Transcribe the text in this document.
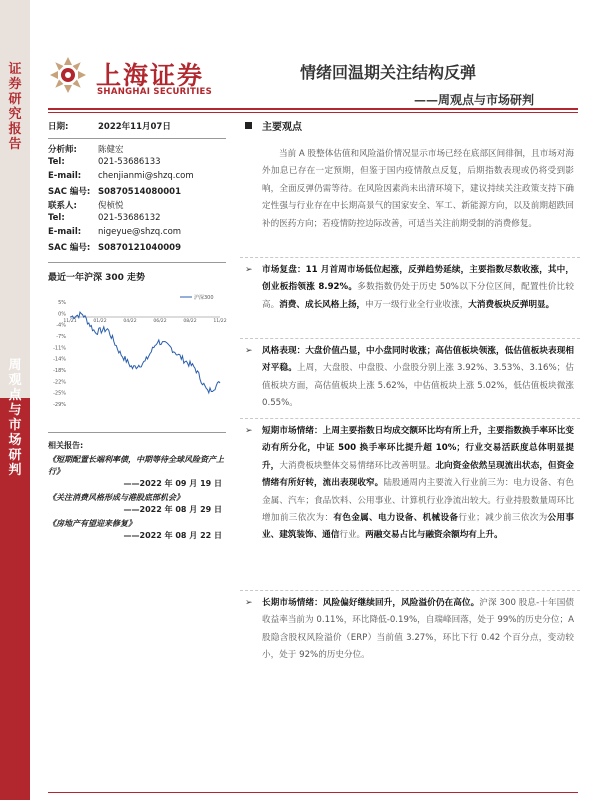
证券研究报告
周观点与市场研判
上海证券
SHANGHAI SECURITIES
情绪回温期关注结构反弹
——周观点与市场研判
日期:	2022年11月07日
分析师: 陈健宏
Tel:	021-53686133
E-mail: chenjianmi@shzq.com
SAC 编号: S0870514080001
联系人: 倪桢悦
Tel:	021-53686132
E-mail: nigeyue@shzq.com
SAC 编号: S0870121040009
最近一年沪深 300 走势
5%
0%
-4%
-7%
-11%
-14%
-18%
-22%
-25%
-29%
11/21	01/22	04/22	06/22	08/22	11/22
沪深300
相关报告:
《短期配置长端利率债，中期等待全球风险资产上行》
——2022 年 09 月 19 日
《关注消费风格形成与港股底部机会》
——2022 年 08 月 29 日
《房地产有望迎来修复》
——2022 年 08 月 22 日
主要观点
当前 A 股整体估值和风险溢价情况显示市场已经在底部区间徘徊，且市场对海外加息已存在一定预期，但鉴于国内疫情散点反复，后期指数表现或仍将受到影响，全面反弹仍需等待。在风险因素尚未出清环境下，建议持续关注政策支持下确定性强与行业存在中长期高景气的国家安全、军工、新能源方向，以及前期超跌回补的医药方向；若疫情防控边际改善，可适当关注前期受制的消费修复。
➢ 市场复盘：11 月首周市场低位起涨，反弹趋势延续，主要指数尽数收涨，其中，创业板指领涨 8.92%。多数指数仍处于历史 50%以下分位区间，配置性价比较高。消费、成长风格上扬，申万一级行业全行业收涨，大消费板块反弹明显。
➢ 风格表现：大盘价值凸显，中小盘同时收涨；高估值板块领涨，低估值板块表现相对平稳。上周，大盘股、中盘股、小盘股分别上涨 3.92%、3.53%、3.16%；估值板块方面，高估值板块上涨 5.62%，中估值板块上涨 5.02%，低估值板块微涨 0.55%。
➢ 短期市场情绪：上周主要指数日均成交额环比均有所上升，主要指数换手率环比变动有所分化，中证 500 换手率环比提升超 10%；行业交易活跃度总体明显提升，大消费板块整体交易情绪环比改善明显。北向资金依然呈现流出状态，但资金情绪有所好转，流出表现收窄。陆股通周内主要流入行业前三为：电力设备、有色金属、汽车；食品饮料、公用事业、计算机行业净流出较大。行业持股数量周环比增加前三依次为：有色金属、电力设备、机械设备行业；减少前三依次为公用事业、建筑装饰、通信行业。两融交易占比与融资余额均有上升。
➢ 长期市场情绪：风险偏好继续回升，风险溢价仍在高位。沪深 300 股息-十年国债收益率当前为 0.11%，环比降低-0.19%，自瑞峰回落，处于 99%的历史分位；A 股隐含股权风险溢价（ERP）当前值 3.27%，环比下行 0.42 个百分点，变动较小，处于 92%的历史分位。
